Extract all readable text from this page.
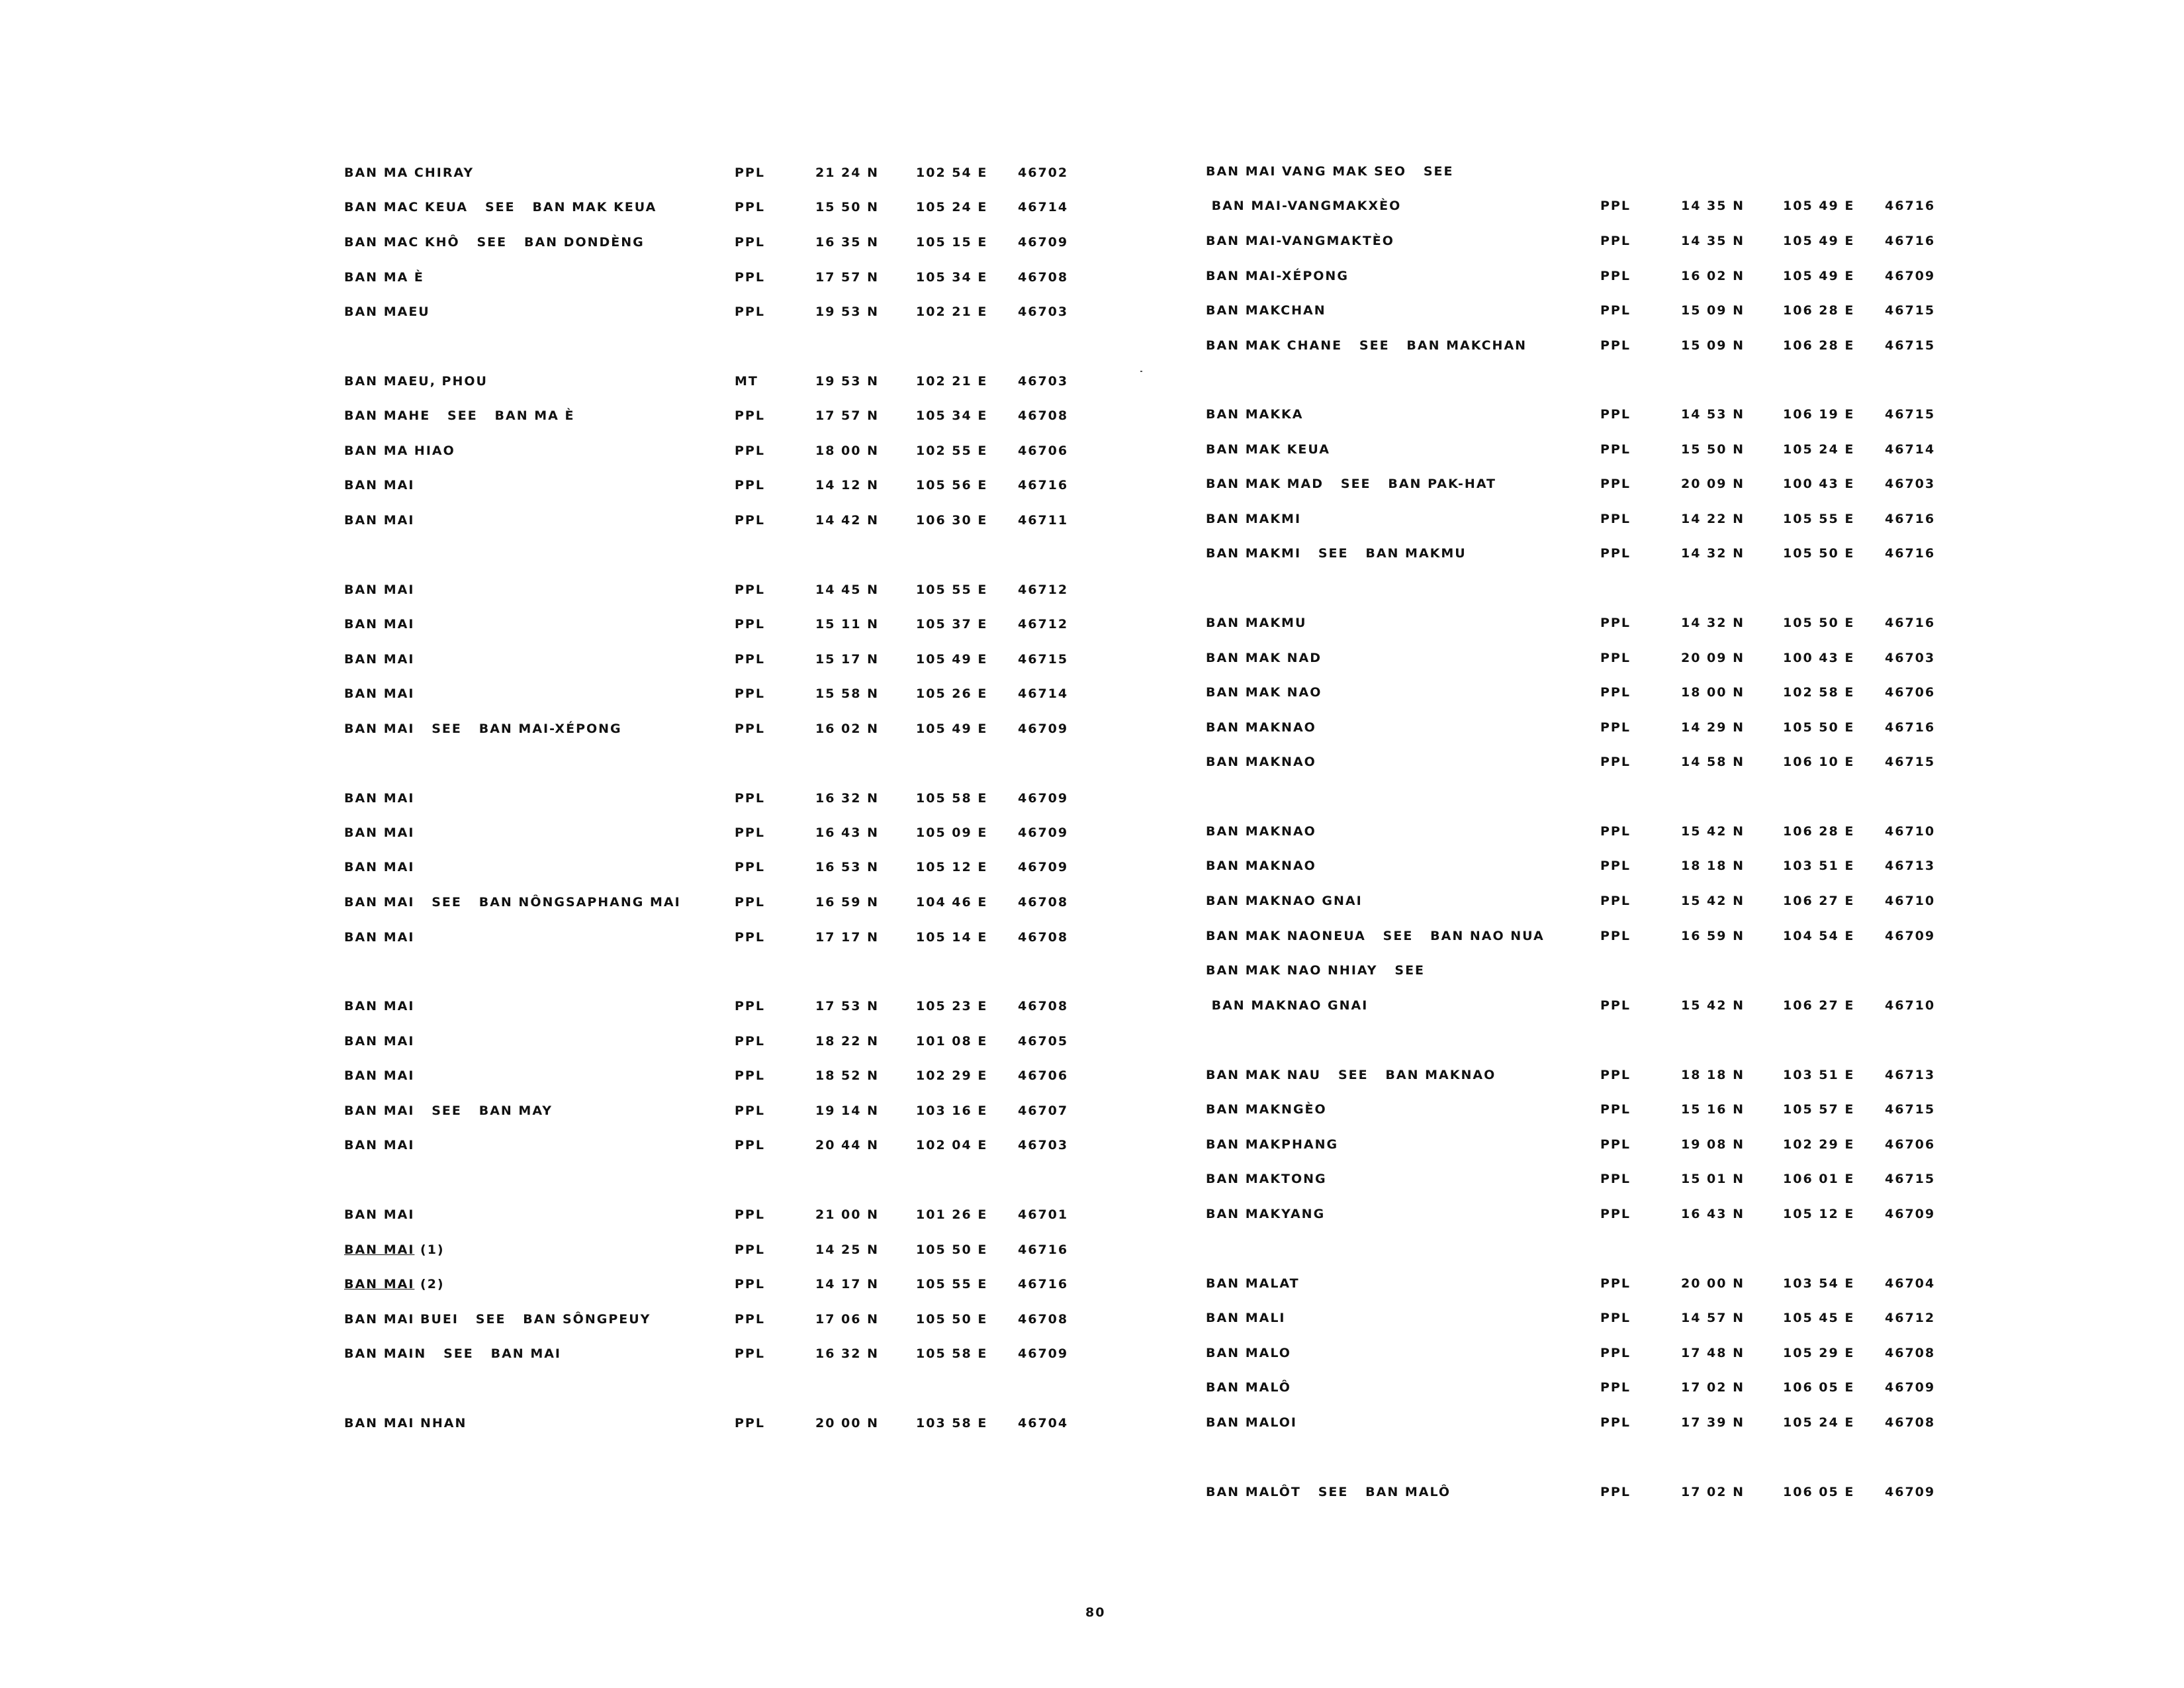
BAN MA CHIRAY	PPL	21 24 N	102 54 E 46702
BAN MAC KEUA   SEE   BAN MAK KEUA	PPL	15 50 N	105 24 E 46714
BAN MAC KHÔ   SEE   BAN DONDÈNG	PPL	16 35 N	105 15 E 46709
BAN MA È	PPL	17 57 N	105 34 E 46708
BAN MAEU	PPL	19 53 N	102 21 E 46703
BAN MAEU, PHOU	MT	19 53 N	102 21 E 46703
BAN MAHE   SEE   BAN MA È	PPL	17 57 N	105 34 E 46708
BAN MA HIAO	PPL	18 00 N	102 55 E 46706
BAN MAI	PPL	14 12 N	105 56 E 46716
BAN MAI	PPL	14 42 N	106 30 E 46711
BAN MAI	PPL	14 45 N	105 55 E 46712
BAN MAI	PPL	15 11 N	105 37 E 46712
BAN MAI	PPL	15 17 N	105 49 E 46715
BAN MAI	PPL	15 58 N	105 26 E 46714
BAN MAI   SEE   BAN MAI-XÉPONG	PPL	16 02 N	105 49 E 46709
BAN MAI	PPL	16 32 N	105 58 E 46709
BAN MAI	PPL	16 43 N	105 09 E 46709
BAN MAI	PPL	16 53 N	105 12 E 46709
BAN MAI   SEE   BAN NÔNGSAPHANG MAI	PPL	16 59 N	104 46 E 46708
BAN MAI	PPL	17 17 N	105 14 E 46708
BAN MAI	PPL	17 53 N	105 23 E 46708
BAN MAI	PPL	18 22 N	101 08 E 46705
BAN MAI	PPL	18 52 N	102 29 E 46706
BAN MAI   SEE   BAN MAY	PPL	19 14 N	103 16 E 46707
BAN MAI	PPL	20 44 N	102 04 E 46703
BAN MAI	PPL	21 00 N	101 26 E 46701
BAN MAI (1)	PPL	14 25 N	105 50 E 46716
BAN MAI (2)	PPL	14 17 N	105 55 E 46716
BAN MAI BUEI   SEE   BAN SÔNGPEUY	PPL	17 06 N	105 50 E 46708
BAN MAIN   SEE   BAN MAI	PPL	16 32 N	105 58 E 46709
BAN MAI NHAN	PPL	20 00 N	103 58 E 46704
BAN MAI VANG MAK SEO   SEE
BAN MAI-VANGMAKXÈO	PPL	14 35 N	105 49 E 46716
BAN MAI-VANGMAKTÈO	PPL	14 35 N	105 49 E 46716
BAN MAI-XÉPONG	PPL	16 02 N	105 49 E 46709
BAN MAKCHAN	PPL	15 09 N	106 28 E 46715
BAN MAK CHANE   SEE   BAN MAKCHAN	PPL	15 09 N	106 28 E 46715
BAN MAKKA	PPL	14 53 N	106 19 E 46715
BAN MAK KEUA	PPL	15 50 N	105 24 E 46714
BAN MAK MAD   SEE   BAN PAK-HAT	PPL	20 09 N	100 43 E 46703
BAN MAKMI	PPL	14 22 N	105 55 E 46716
BAN MAKMI   SEE   BAN MAKMU	PPL	14 32 N	105 50 E 46716
BAN MAKMU	PPL	14 32 N	105 50 E 46716
BAN MAK NAD	PPL	20 09 N	100 43 E 46703
BAN MAK NAO	PPL	18 00 N	102 58 E 46706
BAN MAKNAO	PPL	14 29 N	105 50 E 46716
BAN MAKNAO	PPL	14 58 N	106 10 E 46715
BAN MAKNAO	PPL	15 42 N	106 28 E 46710
BAN MAKNAO	PPL	18 18 N	103 51 E 46713
BAN MAKNAO GNAI	PPL	15 42 N	106 27 E 46710
BAN MAK NAONEUA   SEE   BAN NAO NUA	PPL	16 59 N	104 54 E 46709
BAN MAK NAO NHIAY   SEE
BAN MAKNAO GNAI	PPL	15 42 N	106 27 E 46710
BAN MAK NAU   SEE   BAN MAKNAO	PPL	18 18 N	103 51 E 46713
BAN MAKNGÈO	PPL	15 16 N	105 57 E 46715
BAN MAKPHANG	PPL	19 08 N	102 29 E 46706
BAN MAKTONG	PPL	15 01 N	106 01 E 46715
BAN MAKYANG	PPL	16 43 N	105 12 E 46709
BAN MALAT	PPL	20 00 N	103 54 E 46704
BAN MALI	PPL	14 57 N	105 45 E 46712
BAN MALO	PPL	17 48 N	105 29 E 46708
BAN MALÔ	PPL	17 02 N	106 05 E 46709
BAN MALOI	PPL	17 39 N	105 24 E 46708
BAN MALÔT   SEE   BAN MALÔ	PPL	17 02 N	106 05 E 46709
80
